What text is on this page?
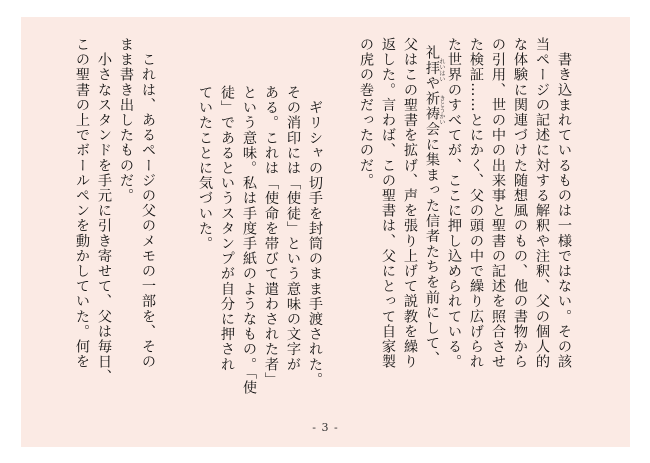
　書き込まれているものは一様ではない。その該
当ページの記述に対する解釈や注釈、父の個人的
な体験に関連づけた随想風のもの、他の書物から
の引用、世の中の出来事と聖書の記述を照合させ
た検証……とにかく、父の頭の中で繰り広げられ
た世界のすべてが、ここに押し込められている。
れいはい
きとうかい
礼拝や祈祷会に集まった信者たちを前にして、
父はこの聖書を拡げ、声を張り上げて説教を繰り
返した。言わば、この聖書は、父にとって自家製
の虎の巻だったのだ。
　ギリシャの切手を封筒のまま手渡された。
その消印には「使徒」という意味の文字が
ある。これは「使命を帯びて遣わされた者」
という意味。私は手度手紙のようなもの。「使
徒」であるというスタンプが自分に押され
ていたことに気づいた。
　これは、あるページの父のメモの一部を、その
まま書き出したものだ。
　小さなスタンドを手元に引き寄せて、父は毎日、
この聖書の上でボールペンを動かしていた。何を
- 3 -
